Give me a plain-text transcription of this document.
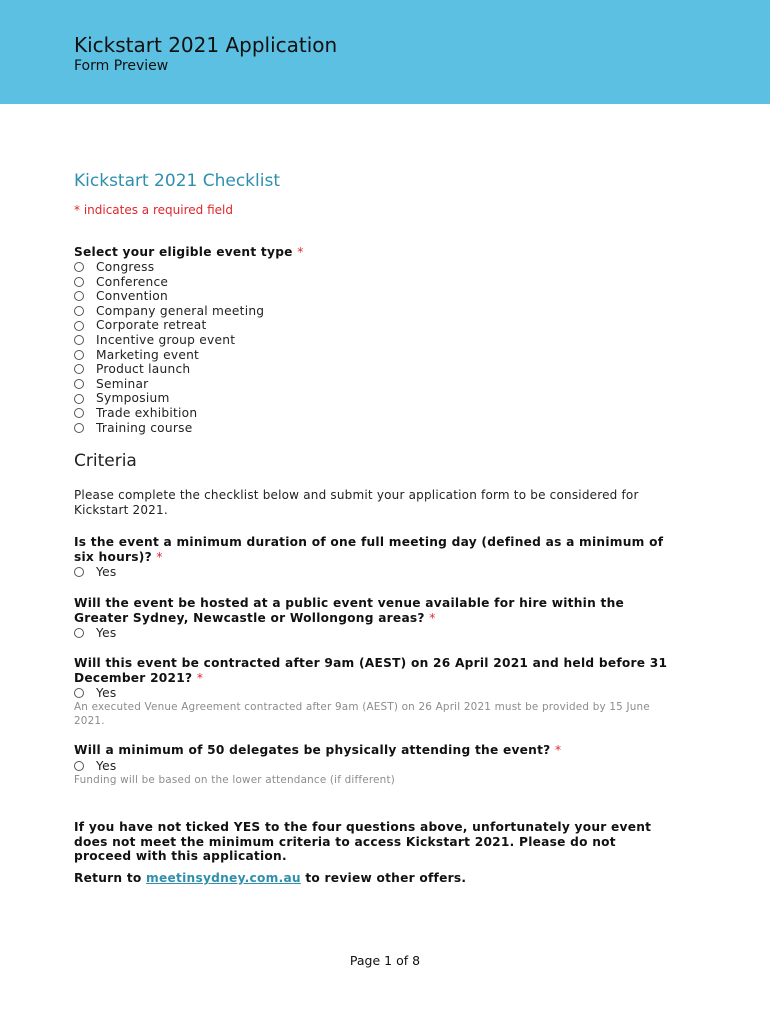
Kickstart 2021 Application
Form Preview
Kickstart 2021 Checklist
* indicates a required field
Select your eligible event type *
Congress
Conference
Convention
Company general meeting
Corporate retreat
Incentive group event
Marketing event
Product launch
Seminar
Symposium
Trade exhibition
Training course
Criteria
Please complete the checklist below and submit your application form to be considered for Kickstart 2021.
Is the event a minimum duration of one full meeting day (defined as a minimum of six hours)? *
Yes
Will the event be hosted at a public event venue available for hire within the Greater Sydney, Newcastle or Wollongong areas? *
Yes
Will this event be contracted after 9am (AEST) on 26 April 2021 and held before 31 December 2021? *
Yes
An executed Venue Agreement contracted after 9am (AEST) on 26 April 2021 must be provided by 15 June 2021.
Will a minimum of 50 delegates be physically attending the event? *
Yes
Funding will be based on the lower attendance (if different)
If you have not ticked YES to the four questions above, unfortunately your event does not meet the minimum criteria to access Kickstart 2021. Please do not proceed with this application.
Return to meetinsydney.com.au to review other offers.
Page 1 of 8
